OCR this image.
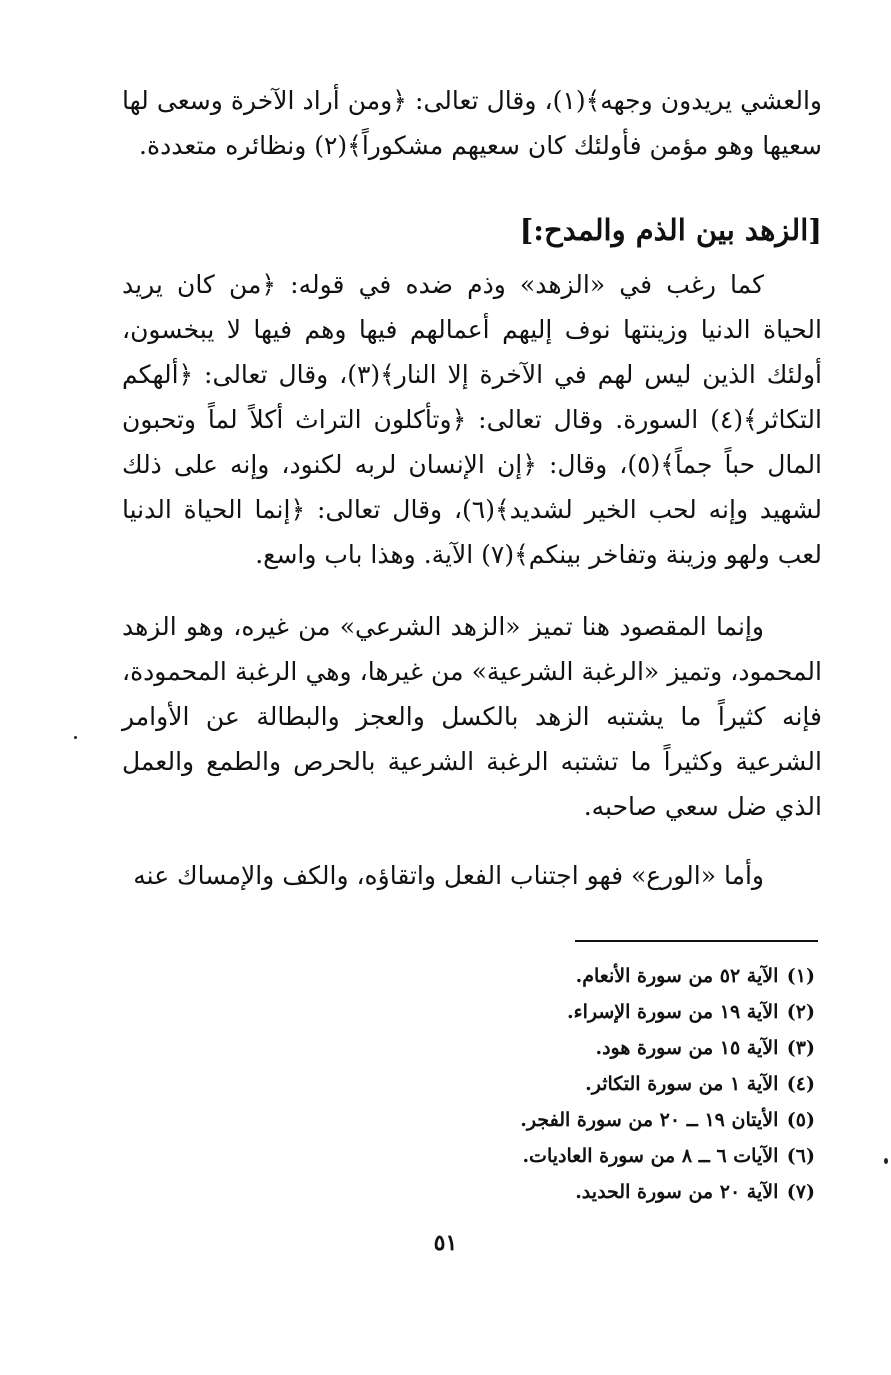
والعشي يريدون وجهه﴾(١)، وقال تعالى: ﴿ومن أراد الآخرة وسعى لها سعيها وهو مؤمن فأولئك كان سعيهم مشكوراً﴾(٢) ونظائره متعددة.

[الزهد بين الذم والمدح:]

كما رغب في «الزهد» وذم ضده في قوله: ﴿من كان يريد الحياة الدنيا وزينتها نوف إليهم أعمالهم فيها وهم فيها لا يبخسون، أولئك الذين ليس لهم في الآخرة إلا النار﴾(٣)، وقال تعالى: ﴿ألهكم التكاثر﴾(٤) السورة. وقال تعالى: ﴿وتأكلون التراث أكلاً لماً وتحبون المال حباً جماً﴾(٥)، وقال: ﴿إن الإنسان لربه لكنود، وإنه على ذلك لشهيد وإنه لحب الخير لشديد﴾(٦)، وقال تعالى: ﴿إنما الحياة الدنيا لعب ولهو وزينة وتفاخر بينكم﴾(٧) الآية. وهذا باب واسع.

وإنما المقصود هنا تميز «الزهد الشرعي» من غيره، وهو الزهد المحمود، وتميز «الرغبة الشرعية» من غيرها، وهي الرغبة المحمودة، فإنه كثيراً ما يشتبه الزهد بالكسل والعجز والبطالة عن الأوامر الشرعية وكثيراً ما تشتبه الرغبة الشرعية بالحرص والطمع والعمل الذي ضل سعي صاحبه.

وأما «الورع» فهو اجتناب الفعل واتقاؤه، والكف والإمساك عنه

(١) الآية ٥٢ من سورة الأنعام.
(٢) الآية ١٩ من سورة الإسراء.
(٣) الآية ١٥ من سورة هود.
(٤) الآية ١ من سورة التكاثر.
(٥) الأيتان ١٩ ــ ٢٠ من سورة الفجر.
(٦) الآيات ٦ ــ ٨ من سورة العاديات.
(٧) الآية ٢٠ من سورة الحديد.
٥١
